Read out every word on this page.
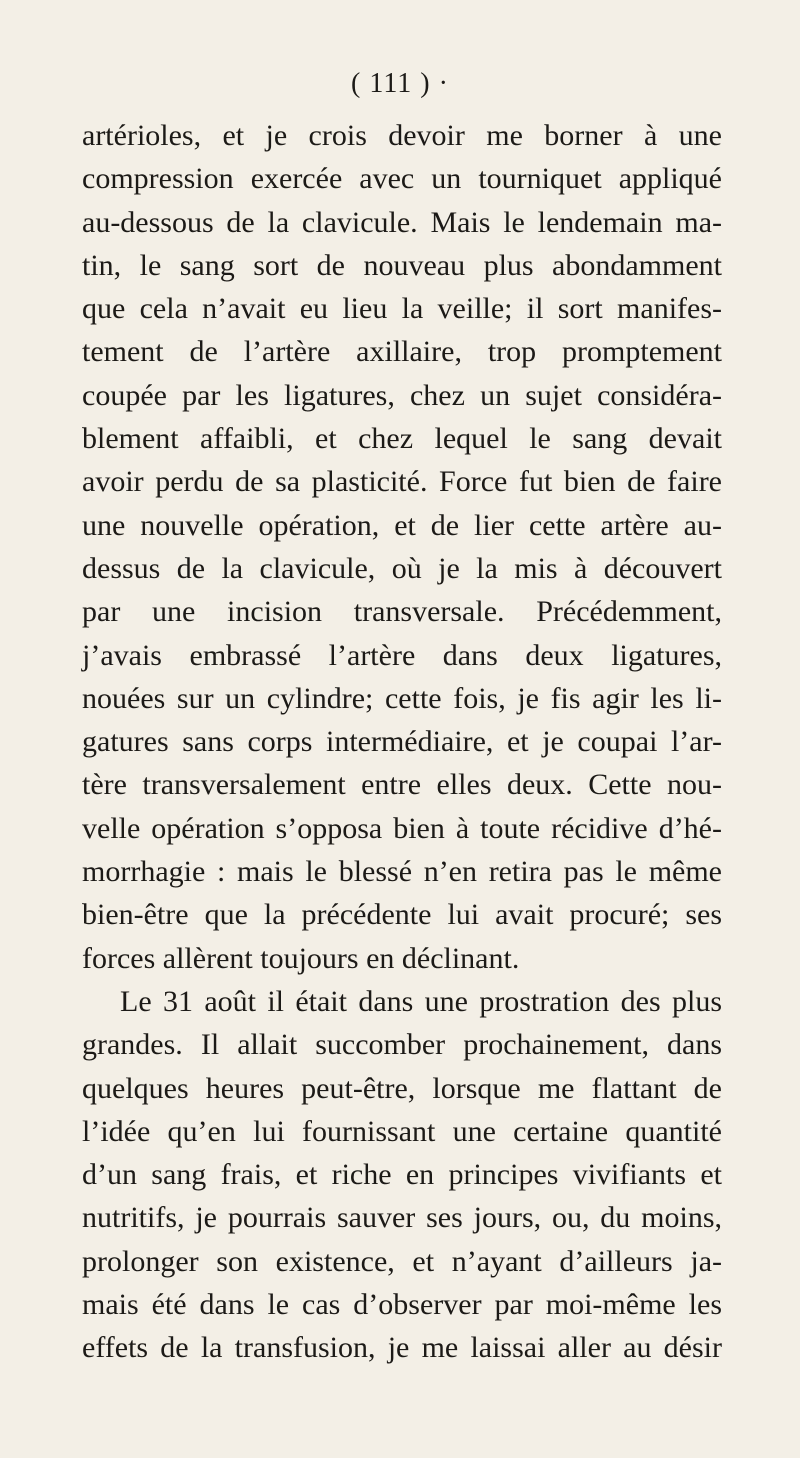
( 111 ) ·
artérioles, et je crois devoir me borner à une
compression exercée avec un tourniquet appliqué
au-dessous de la clavicule. Mais le lendemain ma-
tin, le sang sort de nouveau plus abondamment
que cela n’avait eu lieu la veille; il sort manifes-
tement de l’artère axillaire, trop promptement
coupée par les ligatures, chez un sujet considéra-
blement affaibli, et chez lequel le sang devait
avoir perdu de sa plasticité. Force fut bien de faire
une nouvelle opération, et de lier cette artère au-
dessus de la clavicule, où je la mis à découvert
par une incision transversale. Précédemment,
j’avais embrassé l’artère dans deux ligatures,
nouées sur un cylindre; cette fois, je fis agir les li-
gatures sans corps intermédiaire, et je coupai l’ar-
tère transversalement entre elles deux. Cette nou-
velle opération s’opposa bien à toute récidive d’hé-
morrhagie : mais le blessé n’en retira pas le même
bien-être que la précédente lui avait procuré; ses
forces allèrent toujours en déclinant.
Le 31 août il était dans une prostration des plus
grandes. Il allait succomber prochainement, dans
quelques heures peut-être, lorsque me flattant de
l’idée qu’en lui fournissant une certaine quantité
d’un sang frais, et riche en principes vivifiants et
nutritifs, je pourrais sauver ses jours, ou, du moins,
prolonger son existence, et n’ayant d’ailleurs ja-
mais été dans le cas d’observer par moi-même les
effets de la transfusion, je me laissai aller au désir
